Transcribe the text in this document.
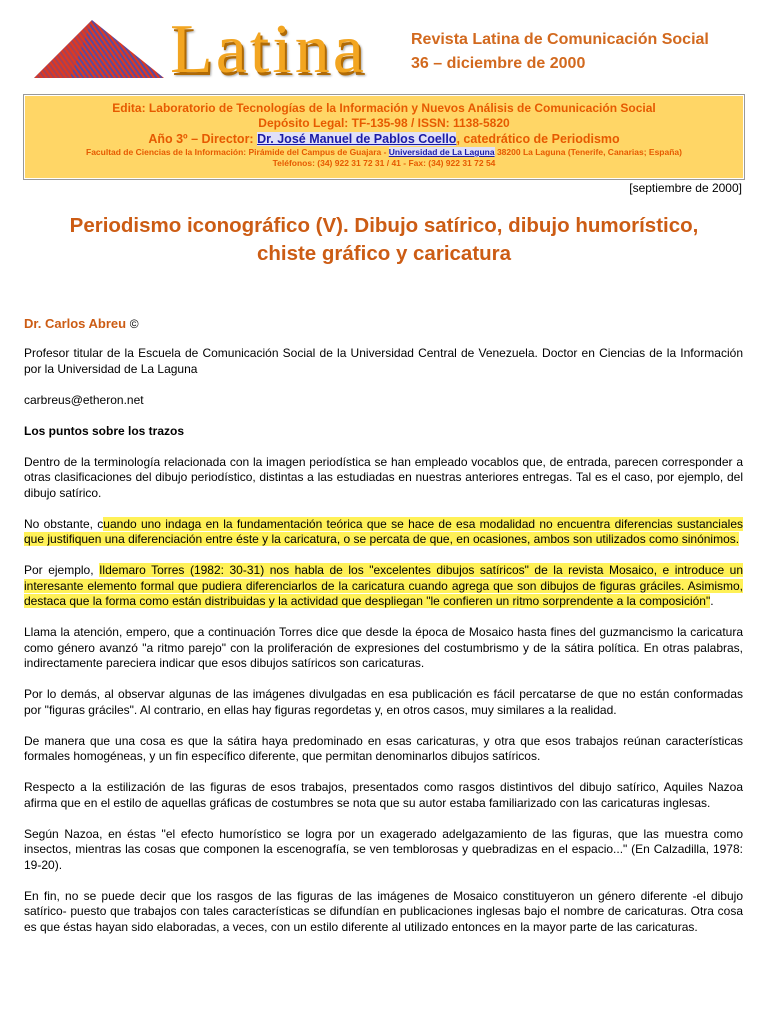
Latina	Revista Latina de Comunicación Social
36 – diciembre de 2000
Edita: Laboratorio de Tecnologías de la Información y Nuevos Análisis de Comunicación Social
Depósito Legal: TF-135-98 / ISSN: 1138-5820
Año 3º – Director: Dr. José Manuel de Pablos Coello, catedrático de Periodismo
Facultad de Ciencias de la Información: Pirámide del Campus de Guajara - Universidad de La Laguna 38200 La Laguna (Tenerife, Canarias; España)
Teléfonos: (34) 922 31 72 31 / 41 - Fax: (34) 922 31 72 54
[septiembre de 2000]
Periodismo iconográfico (V). Dibujo satírico, dibujo humorístico,
chiste gráfico y caricatura
Dr. Carlos Abreu ©

Profesor titular de la Escuela de Comunicación Social de la Universidad Central de Venezuela. Doctor en Ciencias de la Información por la Universidad de La Laguna

carbreus@etheron.net

Los puntos sobre los trazos

Dentro de la terminología relacionada con la imagen periodística se han empleado vocablos que, de entrada, parecen corresponder a otras clasificaciones del dibujo periodístico, distintas a las estudiadas en nuestras anteriores entregas. Tal es el caso, por ejemplo, del dibujo satírico.

No obstante, cuando uno indaga en la fundamentación teórica que se hace de esa modalidad no encuentra diferencias sustanciales que justifiquen una diferenciación entre éste y la caricatura, o se percata de que, en ocasiones, ambos son utilizados como sinónimos.

Por ejemplo, Ildemaro Torres (1982: 30-31) nos habla de los "excelentes dibujos satíricos" de la revista Mosaico, e introduce un interesante elemento formal que pudiera diferenciarlos de la caricatura cuando agrega que son dibujos de figuras gráciles. Asimismo, destaca que la forma como están distribuidas y la actividad que despliegan "le confieren un ritmo sorprendente a la composición".

Llama la atención, empero, que a continuación Torres dice que desde la época de Mosaico hasta fines del guzmancismo la caricatura como género avanzó "a ritmo parejo" con la proliferación de expresiones del costumbrismo y de la sátira política. En otras palabras, indirectamente pareciera indicar que esos dibujos satíricos son caricaturas.

Por lo demás, al observar algunas de las imágenes divulgadas en esa publicación es fácil percatarse de que no están conformadas por "figuras gráciles". Al contrario, en ellas hay figuras regordetas y, en otros casos, muy similares a la realidad.

De manera que una cosa es que la sátira haya predominado en esas caricaturas, y otra que esos trabajos reúnan características formales homogéneas, y un fin específico diferente, que permitan denominarlos dibujos satíricos.

Respecto a la estilización de las figuras de esos trabajos, presentados como rasgos distintivos del dibujo satírico, Aquiles Nazoa afirma que en el estilo de aquellas gráficas de costumbres se nota que su autor estaba familiarizado con las caricaturas inglesas.

Según Nazoa, en éstas "el efecto humorístico se logra por un exagerado adelgazamiento de las figuras, que las muestra como insectos, mientras las cosas que componen la escenografía, se ven temblorosas y quebradizas en el espacio..." (En Calzadilla, 1978: 19-20).

En fin, no se puede decir que los rasgos de las figuras de las imágenes de Mosaico constituyeron un género diferente -el dibujo satírico- puesto que trabajos con tales características se difundían en publicaciones inglesas bajo el nombre de caricaturas. Otra cosa es que éstas hayan sido elaboradas, a veces, con un estilo diferente al utilizado entonces en la mayor parte de las caricaturas.
